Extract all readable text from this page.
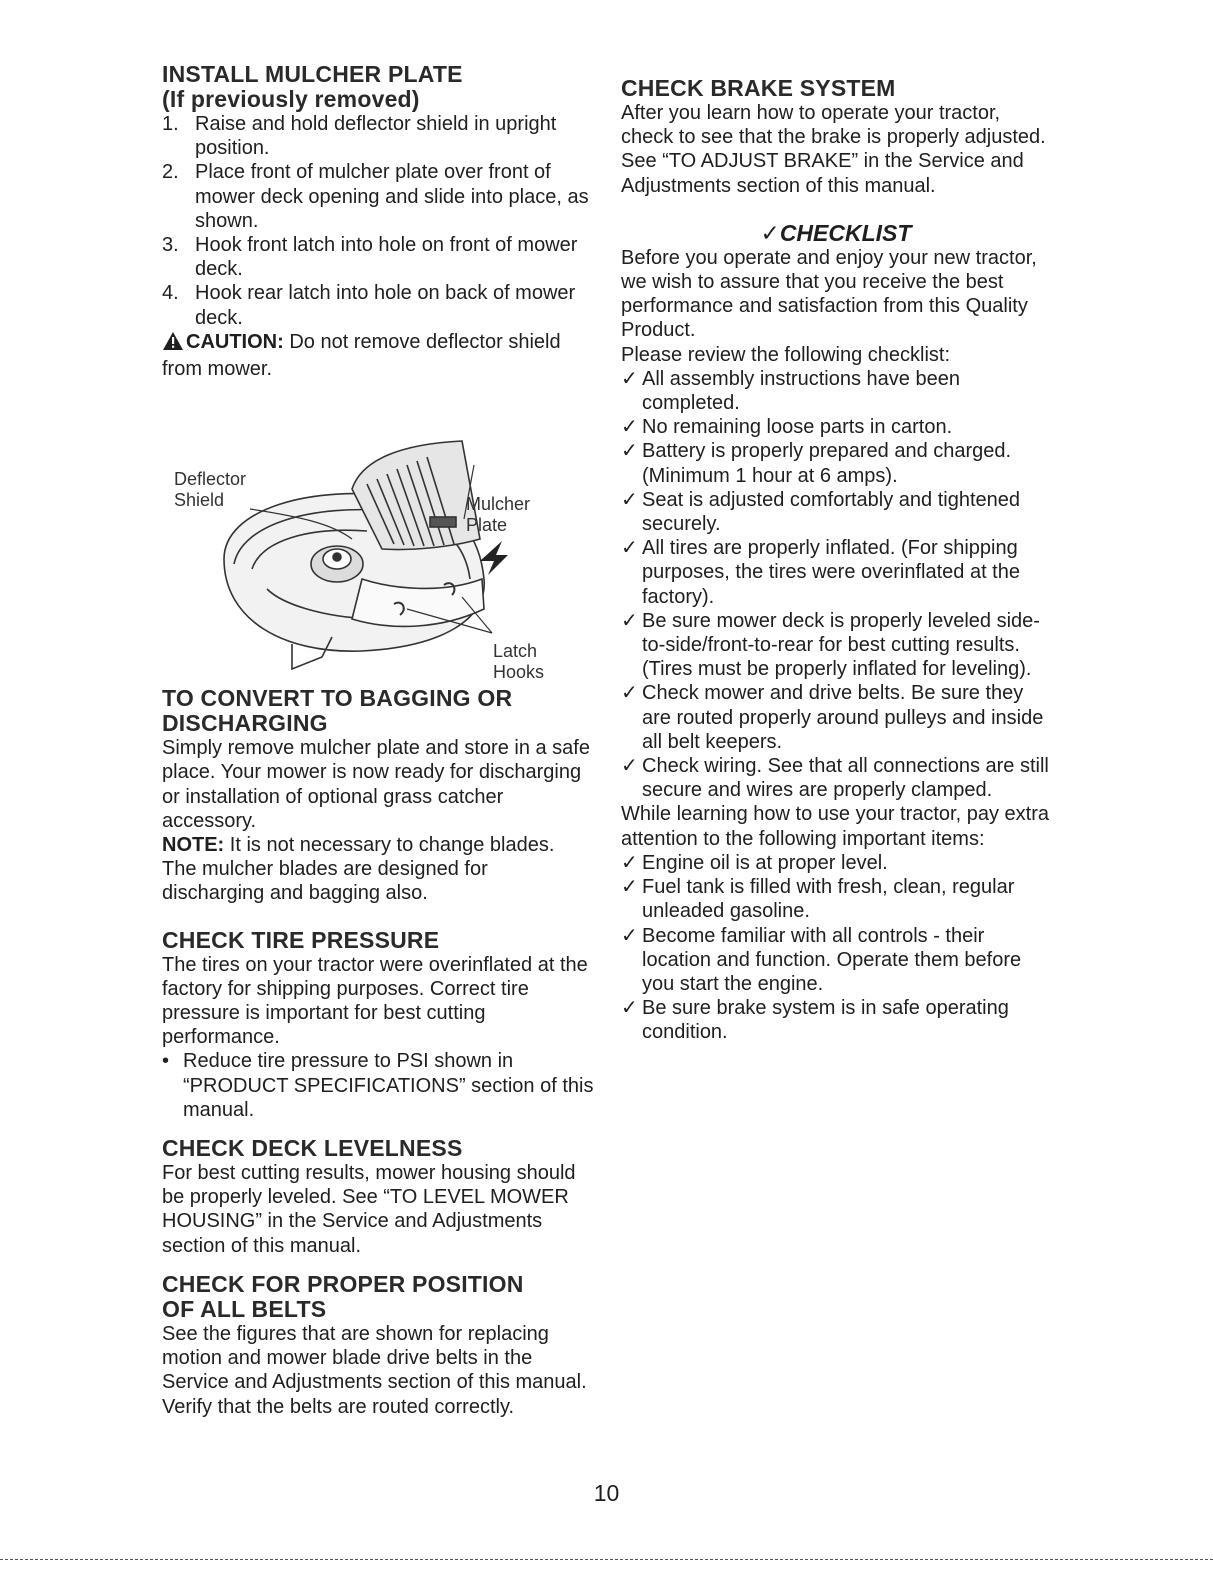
INSTALL MULCHER PLATE
(If previously removed)
1. Raise and hold deflector shield in upright position.
2. Place front of mulcher plate over front of mower deck opening and slide into place, as shown.
3. Hook front latch into hole on front of mower deck.
4. Hook rear latch into hole on back of mower deck.

CAUTION: Do not remove deflector shield from mower.

Deflector
Shield	Mulcher
Plate
Latch
Hooks
TO CONVERT TO BAGGING OR
DISCHARGING

Simply remove mulcher plate and store in a safe place. Your mower is now ready for discharging or installation of optional grass catcher accessory.

NOTE: It is not necessary to change blades. The mulcher blades are designed for discharging and bagging also.

CHECK TIRE PRESSURE

The tires on your tractor were overinflated at the factory for shipping purposes. Correct tire pressure is important for best cutting performance.

• Reduce tire pressure to PSI shown in “PRODUCT SPECIFICATIONS” section of this manual.
CHECK DECK LEVELNESS

For best cutting results, mower housing should be properly leveled. See “TO LEVEL MOWER HOUSING” in the Service and Adjustments section of this manual.

CHECK FOR PROPER POSITION
OF ALL BELTS

See the figures that are shown for replacing motion and mower blade drive belts in the Service and Adjustments section of this manual. Verify that the belts are routed correctly.

CHECK BRAKE SYSTEM

After you learn how to operate your tractor, check to see that the brake is properly adjusted. See “TO ADJUST BRAKE” in the Service and Adjustments section of this manual.

✓CHECKLIST

Before you operate and enjoy your new tractor, we wish to assure that you receive the best performance and satisfaction from this Quality Product.

Please review the following checklist:

✓ All assembly instructions have been completed.
✓ No remaining loose parts in carton.
✓ Battery is properly prepared and charged. (Minimum 1 hour at 6 amps).
✓ Seat is adjusted comfortably and tightened securely.
✓ All tires are properly inflated. (For shipping purposes, the tires were overinflated at the factory).
✓ Be sure mower deck is properly leveled side-to-side/front-to-rear for best cutting results. (Tires must be properly inflated for leveling).
✓ Check mower and drive belts. Be sure they are routed properly around pulleys and inside all belt keepers.
✓ Check wiring. See that all connections are still secure and wires are properly clamped.

While learning how to use your tractor, pay extra attention to the following important items:

✓ Engine oil is at proper level.
✓ Fuel tank is filled with fresh, clean, regular unleaded gasoline.
✓ Become familiar with all controls - their location and function. Operate them before you start the engine.
✓ Be sure brake system is in safe operating condition.
10
